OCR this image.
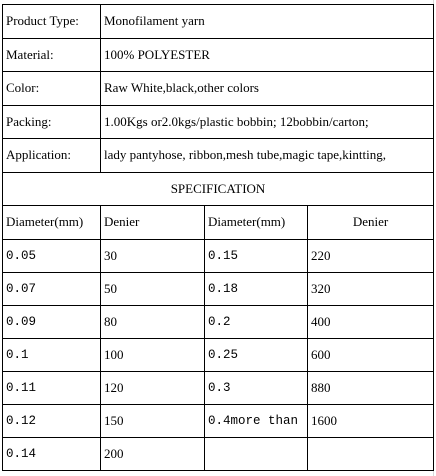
Product Type:	Monofilament yarn		
Material:	100% POLYESTER		
Color:	Raw White,black,other colors		
Packing:	1.00Kgs or2.0kgs/plastic bobbin; 12bobbin/carton;		
Application:	lady pantyhose, ribbon,mesh tube,magic tape,kintting,		
SPECIFICATION			
Diameter(mm)	Denier	Diameter(mm)	Denier
0.05	30	0.15	220
0.07	50	0.18	320
0.09	80	0.2	400
0.1	100	0.25	600
0.11	120	0.3	880
0.12	150	0.4more than	1600
0.14	200		
